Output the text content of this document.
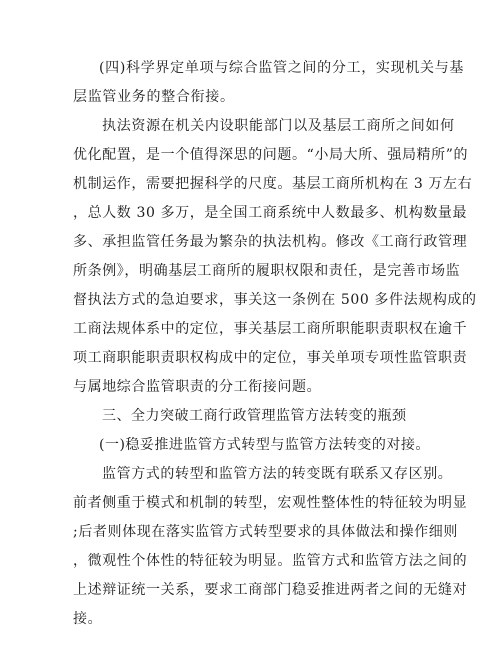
(四)科学界定单项与综合监管之间的分工，实现机关与基

层监管业务的整合衔接。

执法资源在机关内设职能部门以及基层工商所之间如何

优化配置，是一个值得深思的问题。“小局大所、强局精所”的

机制运作，需要把握科学的尺度。基层工商所机构在 3 万左右

，总人数 30 多万，是全国工商系统中人数最多、机构数量最

多、承担监管任务最为繁杂的执法机构。修改《工商行政管理

所条例》，明确基层工商所的履职权限和责任，是完善市场监

督执法方式的急迫要求，事关这一条例在 500 多件法规构成的

工商法规体系中的定位，事关基层工商所职能职责职权在逾千

项工商职能职责职权构成中的定位，事关单项专项性监管职责

与属地综合监管职责的分工衔接问题。

三、全力突破工商行政管理监管方法转变的瓶颈

(一)稳妥推进监管方式转型与监管方法转变的对接。

监管方式的转型和监管方法的转变既有联系又存区别。

前者侧重于模式和机制的转型，宏观性整体性的特征较为明显

;后者则体现在落实监管方式转型要求的具体做法和操作细则

，微观性个体性的特征较为明显。监管方式和监管方法之间的

上述辩证统一关系，要求工商部门稳妥推进两者之间的无缝对

接。
